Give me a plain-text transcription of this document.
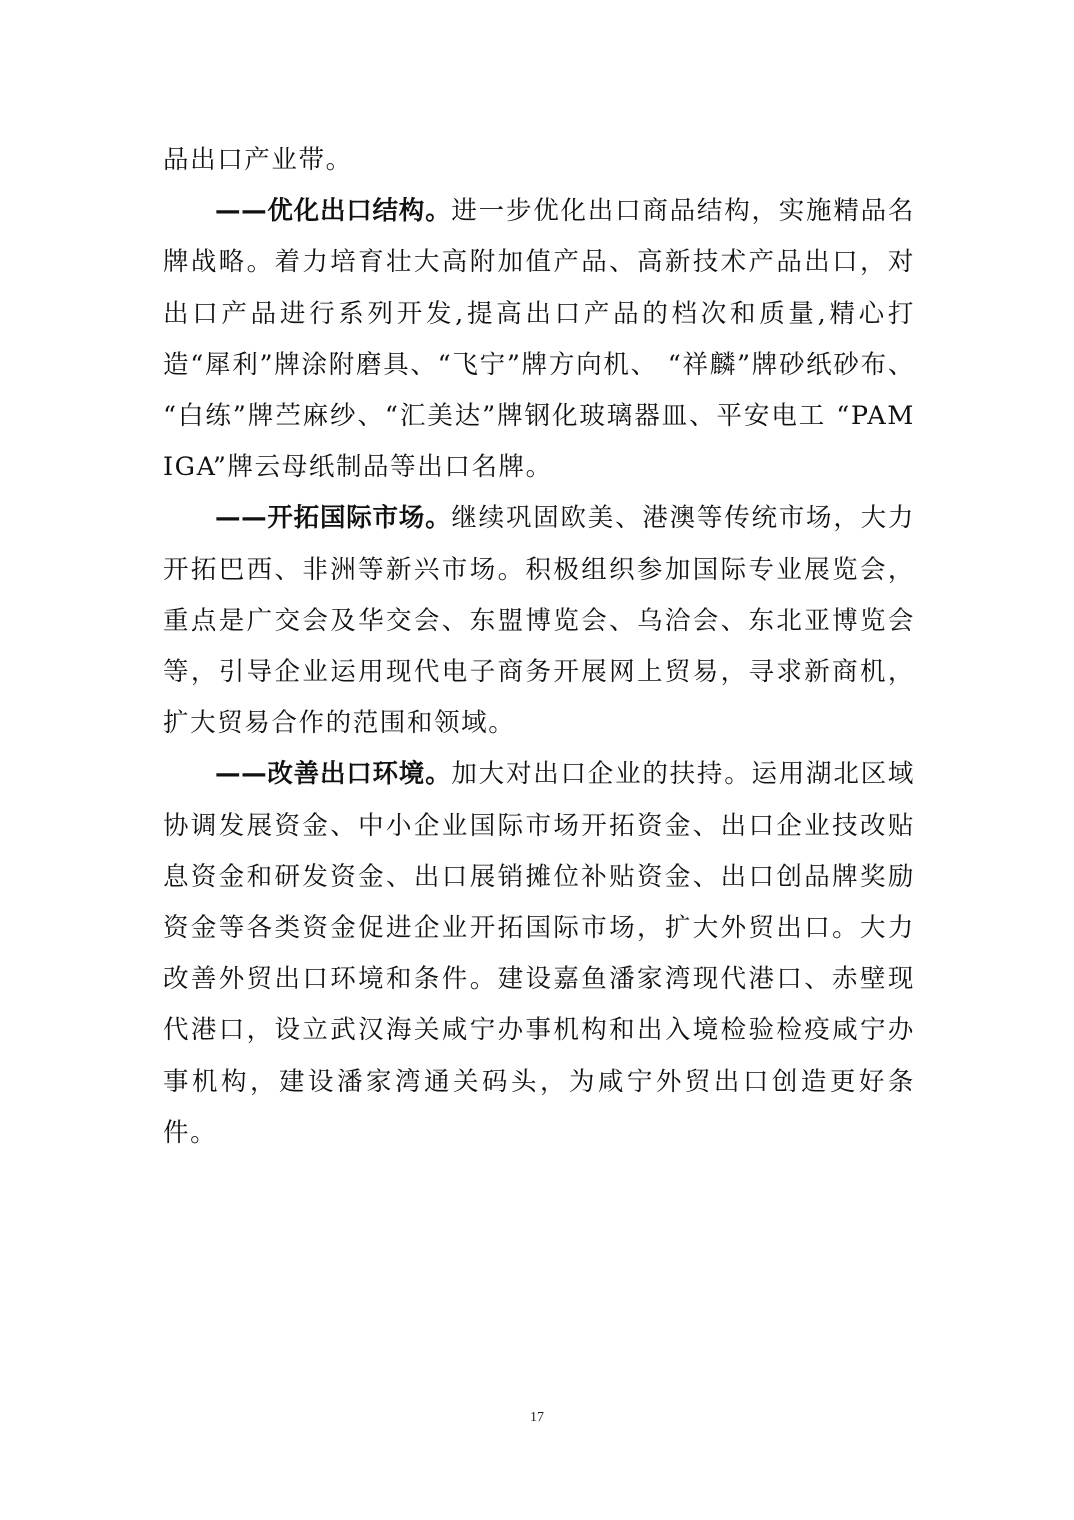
品出口产业带。

——优化出口结构。进一步优化出口商品结构，实施精品名牌战略。着力培育壮大高附加值产品、高新技术产品出口，对出口产品进行系列开发,提高出口产品的档次和质量,精心打造“犀利”牌涂附磨具、“飞宁”牌方向机、 “祥麟”牌砂纸砂布、 “白练”牌苎麻纱、“汇美达”牌钢化玻璃器皿、平安电工 “PAMIGA”牌云母纸制品等出口名牌。

——开拓国际市场。继续巩固欧美、港澳等传统市场，大力开拓巴西、非洲等新兴市场。积极组织参加国际专业展览会，重点是广交会及华交会、东盟博览会、乌洽会、东北亚博览会等，引导企业运用现代电子商务开展网上贸易，寻求新商机，扩大贸易合作的范围和领域。

——改善出口环境。加大对出口企业的扶持。运用湖北区域协调发展资金、中小企业国际市场开拓资金、出口企业技改贴息资金和研发资金、出口展销摊位补贴资金、出口创品牌奖励资金等各类资金促进企业开拓国际市场，扩大外贸出口。大力改善外贸出口环境和条件。建设嘉鱼潘家湾现代港口、赤壁现代港口，设立武汉海关咸宁办事机构和出入境检验检疫咸宁办事机构，建设潘家湾通关码头，为咸宁外贸出口创造更好条件。

17
